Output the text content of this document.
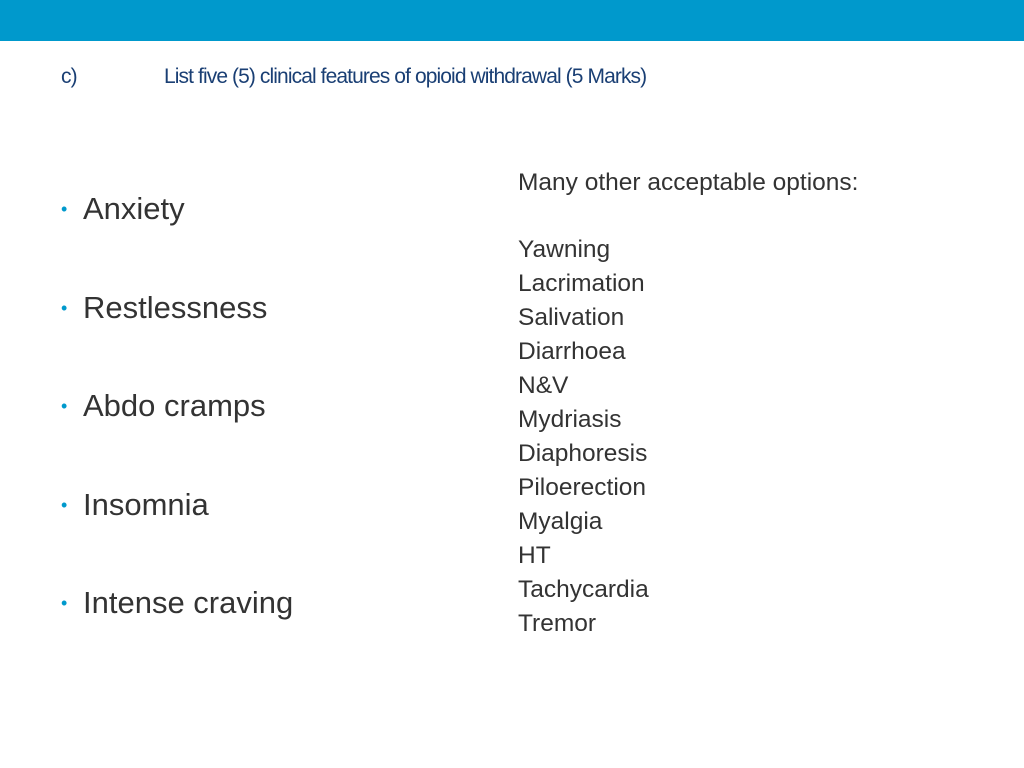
c)	List five (5) clinical features of opioid withdrawal (5 Marks)
• Anxiety
• Restlessness
• Abdo cramps
• Insomnia
• Intense craving
Many other acceptable options:
Yawning
Lacrimation
Salivation
Diarrhoea
N&V
Mydriasis
Diaphoresis
Piloerection
Myalgia
HT
Tachycardia
Tremor
